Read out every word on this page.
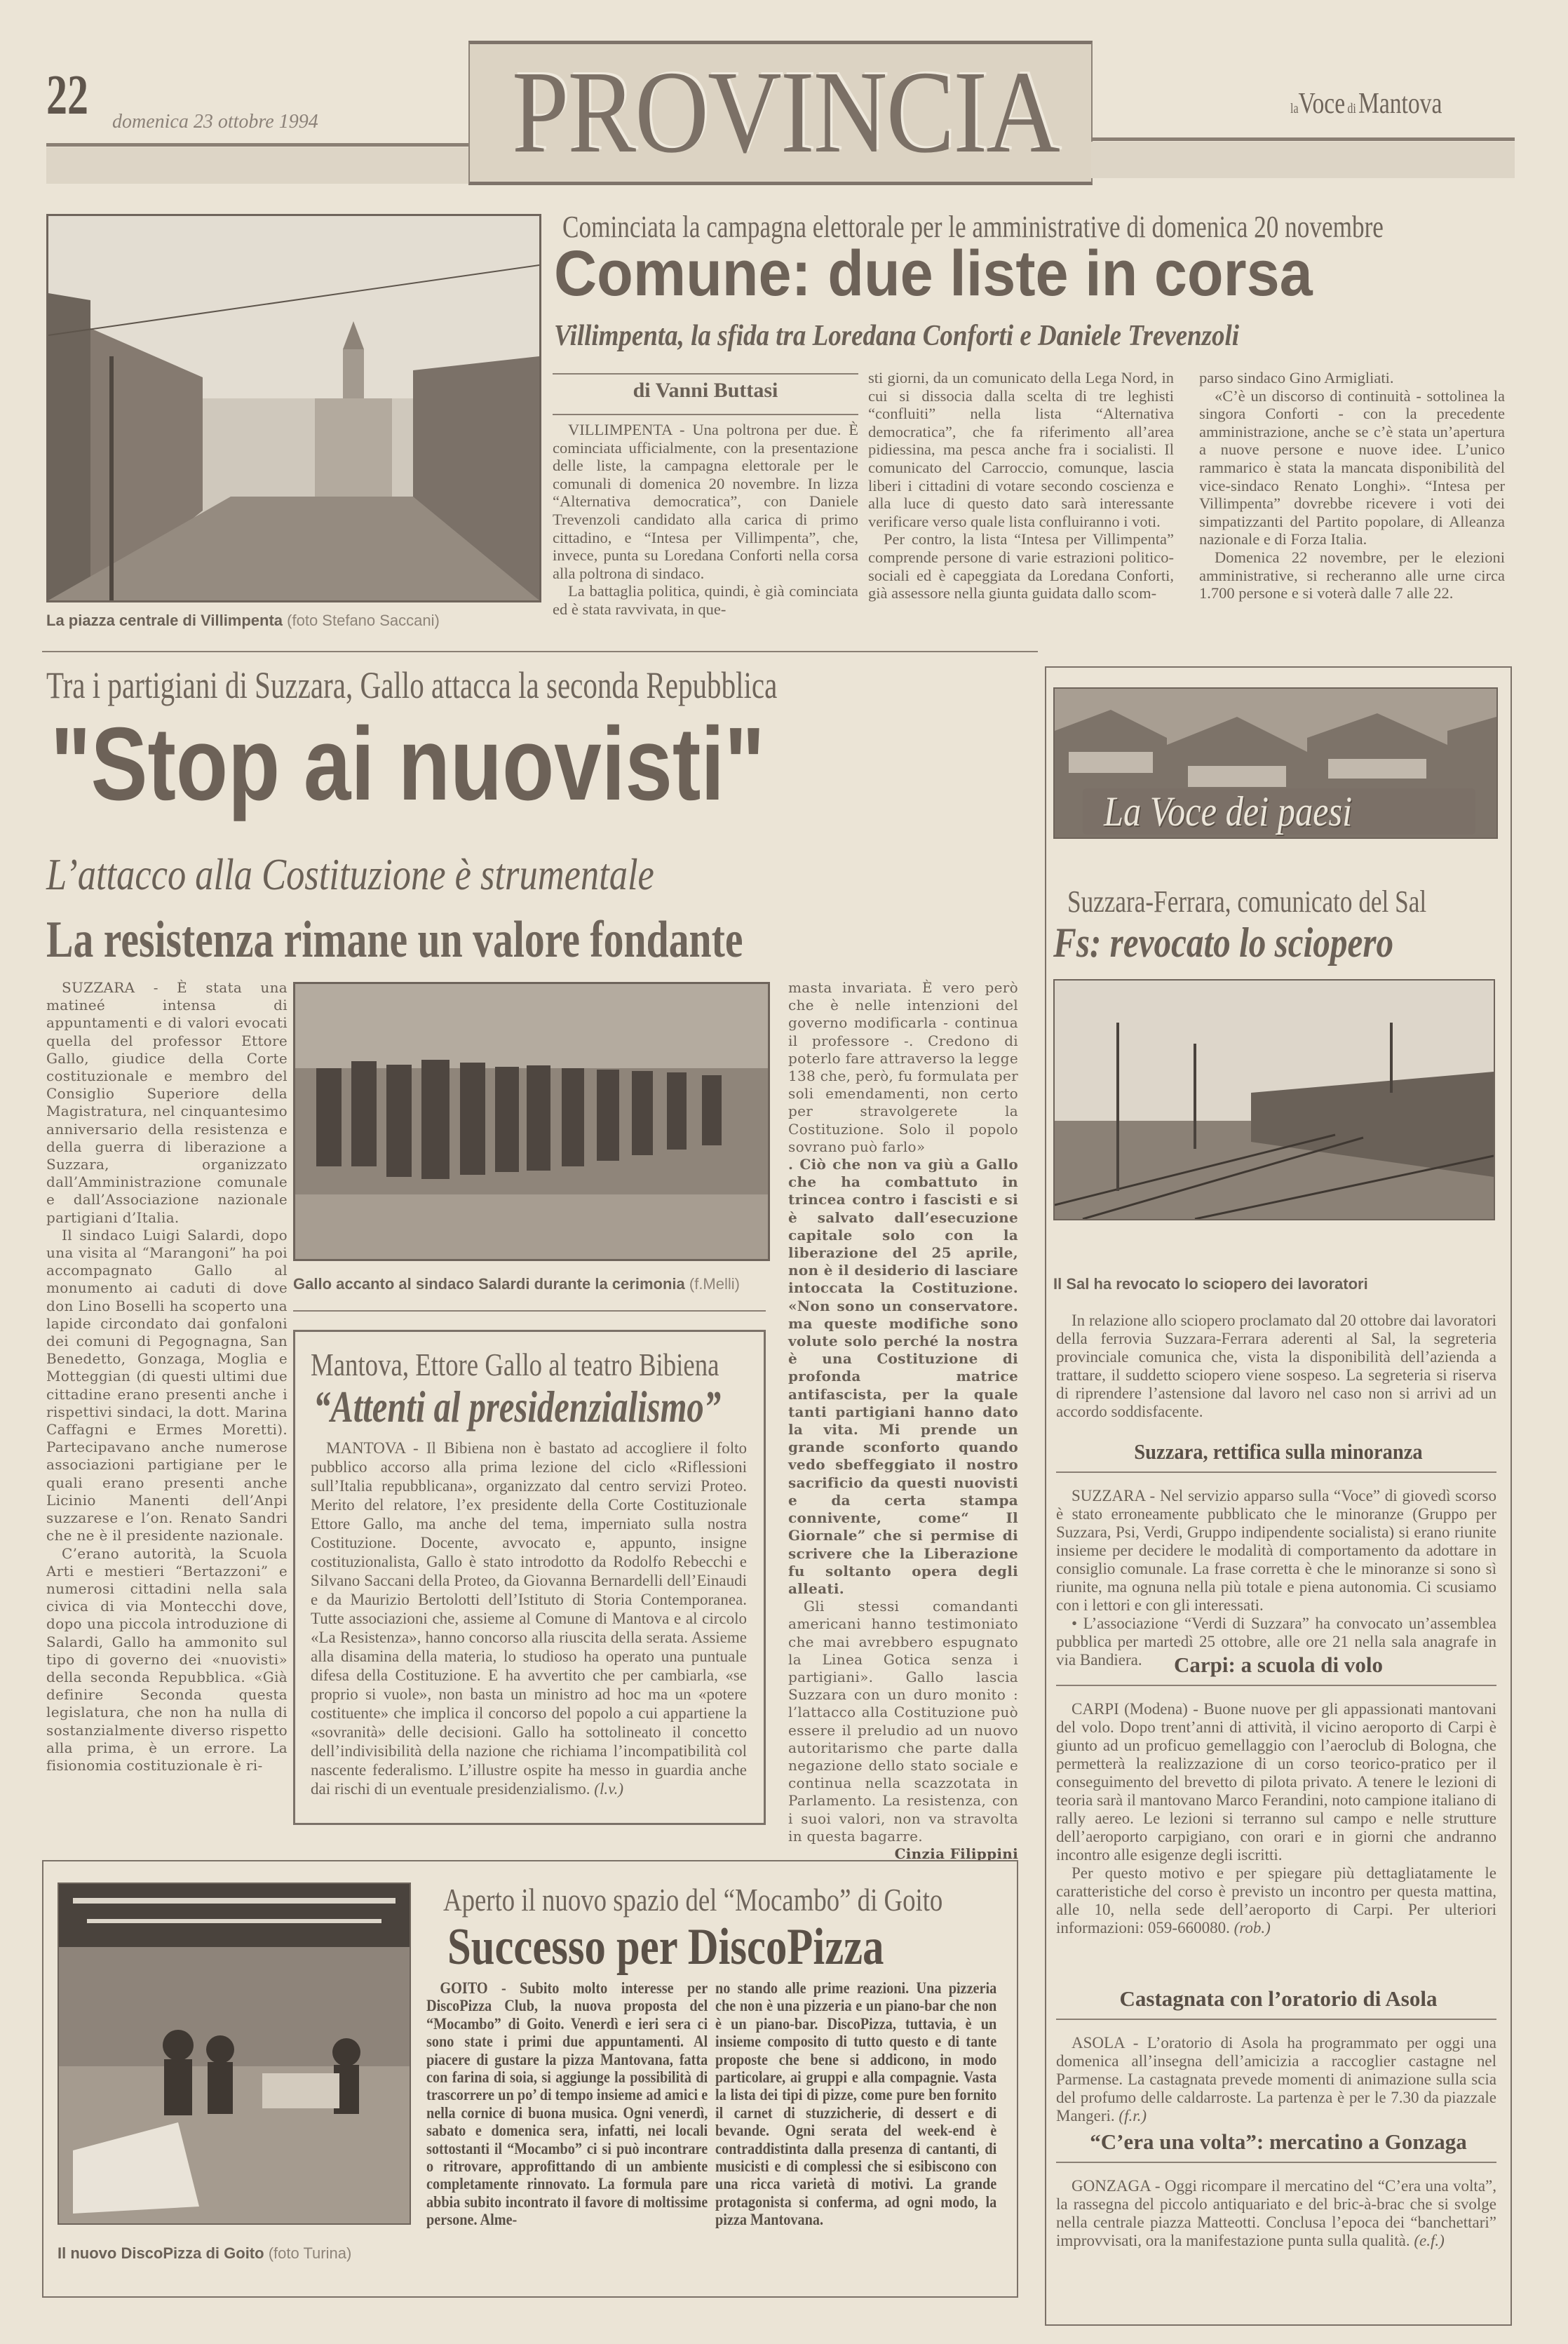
22 domenica 23 ottobre 1994 PROVINCIA	laVoce di Mantova
La piazza centrale di Villimpenta (foto Stefano Saccani)
Cominciata la campagna elettorale per le amministrative di domenica 20 novembre
Comune: due liste in corsa
Villimpenta, la sfida tra Loredana Conforti e Daniele Trevenzoli
di Vanni Buttasi

VILLIMPENTA - Una poltrona per due. È cominciata ufficialmente, con la presentazione delle liste, la campagna elettorale per le comunali di domenica 20 novembre. In lizza “Alternativa democratica”, con Daniele Trevenzoli candidato alla carica di primo cittadino, e “Intesa per Villimpenta”, che, invece, punta su Loredana Conforti nella corsa alla poltrona di sindaco.

La battaglia politica, quindi, è già cominciata ed è stata ravvivata, in que-

sti giorni, da un comunicato della Lega Nord, in cui si dissocia dalla scelta di tre leghisti “confluiti” nella lista “Alternativa democratica”, che fa riferimento all’area pidiessina, ma pesca anche fra i socialisti. Il comunicato del Carroccio, comunque, lascia liberi i cittadini di votare secondo coscienza e alla luce di questo dato sarà interessante verificare verso quale lista confluiranno i voti.

Per contro, la lista “Intesa per Villimpenta” comprende persone di varie estrazioni politico-sociali ed è capeggiata da Loredana Conforti, già assessore nella giunta guidata dallo scom-

parso sindaco Gino Armigliati.

«C’è un discorso di continuità - sottolinea la singora Conforti - con la precedente amministrazione, anche se c’è stata un’apertura a nuove persone e nuove idee. L’unico rammarico è stata la mancata disponibilità del vice-sindaco Renato Longhi». “Intesa per Villimpenta” dovrebbe ricevere i voti dei simpatizzanti del Partito popolare, di Alleanza nazionale e di Forza Italia.

Domenica 22 novembre, per le elezioni amministrative, si recheranno alle urne circa 1.700 persone e si voterà dalle 7 alle 22.

Tra i partigiani di Suzzara, Gallo attacca la seconda Repubblica
"Stop ai nuovisti"
L’attacco alla Costituzione è strumentale
La resistenza rimane un valore fondante

SUZZARA - È stata una matineé intensa di appuntamenti e di valori evocati quella del professor Ettore Gallo, giudice della Corte costituzionale e membro del Consiglio Superiore della Magistratura, nel cinquantesimo anniversario della resistenza e della guerra di liberazione a Suzzara, organizzato dall’Amministrazione comunale e dall’Associazione nazionale partigiani d’Italia.

Il sindaco Luigi Salardi, dopo una visita al “Marangoni” ha poi accompagnato Gallo al monumento ai caduti di dove don Lino Boselli ha scoperto una lapide circondato dai gonfaloni dei comuni di Pegognagna, San Benedetto, Gonzaga, Moglia e Motteggian (di questi ultimi due cittadine erano presenti anche i rispettivi sindaci, la dott. Marina Caffagni e Ermes Moretti). Partecipavano anche numerose associazioni partigiane per le quali erano presenti anche Licinio Manenti dell’Anpi suzzarese e l’on. Renato Sandri che ne è il presidente nazionale.

C’erano autorità, la Scuola Arti e mestieri “Bertazzoni” e numerosi cittadini nella sala civica di via Montecchi dove, dopo una piccola introduzione di Salardi, Gallo ha ammonito sul tipo di governo dei «nuovisti» della seconda Repubblica. «Già definire Seconda questa legislatura, che non ha nulla di sostanzialmente diverso rispetto alla prima, è un errore. La fisionomia costituzionale è ri-

Gallo accanto al sindaco Salardi durante la cerimonia (f.Melli)

masta invariata. È vero però che è nelle intenzioni del governo modificarla - continua il professore -. Credono di poterlo fare attraverso la legge 138 che, però, fu formulata per soli emendamenti, non certo per stravolgerete la Costituzione. Solo il popolo sovrano può farlo»

. Ciò che non va giù a Gallo che ha combattuto in trincea contro i fascisti e si è salvato dall’esecuzione capitale solo con la liberazione del 25 aprile, non è il desiderio di lasciare intoccata la Costituzione. «Non sono un conservatore. ma queste modifiche sono volute solo perché la nostra è una Costituzione di profonda matrice antifascista, per la quale tanti partigiani hanno dato la vita. Mi prende un grande sconforto quando vedo sbeffeggiato il nostro sacrificio da questi nuovisti e da certa stampa connivente, come“ Il Giornale” che si permise di scrivere che la Liberazione fu soltanto opera degli alleati.

Gli stessi comandanti americani hanno testimoniato che mai avrebbero espugnato la Linea Gotica senza i partigiani». Gallo lascia Suzzara con un duro monito : l’lattacco alla Costituzione può essere il preludio ad un nuovo autoritarismo che parte dalla negazione dello stato sociale e continua nella scazzotata in Parlamento. La resistenza, con i suoi valori, non va stravolta in questa bagarre.

Cinzia Filippini
Mantova, Ettore Gallo al teatro Bibiena
“Attenti al presidenzialismo”

MANTOVA - Il Bibiena non è bastato ad accogliere il folto pubblico accorso alla prima lezione del ciclo «Riflessioni sull’Italia repubblicana», organizzato dal centro servizi Proteo. Merito del relatore, l’ex presidente della Corte Costituzionale Ettore Gallo, ma anche del tema, imperniato sulla nostra Costituzione. Docente, avvocato e, appunto, insigne costituzionalista, Gallo è stato introdotto da Rodolfo Rebecchi e Silvano Saccani della Proteo, da Giovanna Bernardelli dell’Einaudi e da Maurizio Bertolotti dell’Istituto di Storia Contemporanea. Tutte associazioni che, assieme al Comune di Mantova e al circolo «La Resistenza», hanno concorso alla riuscita della serata. Assieme alla disamina della materia, lo studioso ha operato una puntuale difesa della Costituzione. E ha avvertito che per cambiarla, «se proprio si vuole», non basta un ministro ad hoc ma un «potere costituente» che implica il concorso del popolo a cui appartiene la «sovranità» delle decisioni. Gallo ha sottolineato il concetto dell’indivisibilità della nazione che richiama l’incompatibilità col nascente federalismo. L’illustre ospite ha messo in guardia anche dai rischi di un eventuale presidenzialismo. (l.v.)

La Voce dei paesi
Suzzara-Ferrara, comunicato del Sal
Fs: revocato lo sciopero
Il Sal ha revocato lo sciopero dei lavoratori

In relazione allo sciopero proclamato dal 20 ottobre dai lavoratori della ferrovia Suzzara-Ferrara aderenti al Sal, la segreteria provinciale comunica che, vista la disponibilità dell’azienda a trattare, il suddetto sciopero viene sospeso. La segreteria si riserva di riprendere l’astensione dal lavoro nel caso non si arrivi ad un accordo soddisfacente.

Suzzara, rettifica sulla minoranza

SUZZARA - Nel servizio apparso sulla “Voce” di giovedì scorso è stato erroneamente pubblicato che le minoranze (Gruppo per Suzzara, Psi, Verdi, Gruppo indipendente socialista) si erano riunite insieme per decidere le modalità di comportamento da adottare in consiglio comunale. La frase corretta è che le minoranze si sono sì riunite, ma ognuna nella più totale e piena autonomia. Ci scusiamo con i lettori e con gli interessati.

• L’associazione “Verdi di Suzzara” ha convocato un’assemblea pubblica per martedì 25 ottobre, alle ore 21 nella sala anagrafe in via Bandiera.	Carpi: a scuola di volo

CARPI (Modena) - Buone nuove per gli appassionati mantovani del volo. Dopo trent’anni di attività, il vicino aeroporto di Carpi è giunto ad un proficuo gemellaggio con l’aeroclub di Bologna, che permetterà la realizzazione di un corso teorico-pratico per il conseguimento del brevetto di pilota privato. A tenere le lezioni di teoria sarà il mantovano Marco Ferandini, noto campione italiano di rally aereo. Le lezioni si terranno sul campo e nelle strutture dell’aeroporto carpigiano, con orari e in giorni che andranno incontro alle esigenze degli iscritti.

Per questo motivo e per spiegare più dettagliatamente le caratteristiche del corso è previsto un incontro per questa mattina, alle 10, nella sede dell’aeroporto di Carpi. Per ulteriori informazioni: 059-660080. (rob.)

Castagnata con l’oratorio di Asola

ASOLA - L’oratorio di Asola ha programmato per oggi una domenica all’insegna dell’amicizia a raccoglier castagne nel Parmense. La castagnata prevede momenti di animazione sulla scia del profumo delle caldarroste. La partenza è per le 7.30 da piazzale Mangeri. (f.r.)

“C’era una volta”: mercatino a Gonzaga

GONZAGA - Oggi ricompare il mercatino del “C’era una volta”, la rassegna del piccolo antiquariato e del bric-à-brac che si svolge nella centrale piazza Matteotti. Conclusa l’epoca dei “banchettari” improvvisati, ora la manifestazione punta sulla qualità. (e.f.)

Il nuovo DiscoPizza di Goito (foto Turina)
Aperto il nuovo spazio del “Mocambo” di Goito
Successo per DiscoPizza

GOITO - Subito molto interesse per DiscoPizza Club, la nuova proposta del “Mocambo” di Goito. Venerdì e ieri sera ci sono state i primi due appuntamenti. Al piacere di gustare la pizza Mantovana, fatta con farina di soia, si aggiunge la possibilità di trascorrere un po’ di tempo insieme ad amici e nella cornice di buona musica. Ogni venerdì, sabato e domenica sera, infatti, nei locali sottostanti il “Mocambo” ci si può incontrare o ritrovare, approfittando di un ambiente completamente rinnovato. La formula pare abbia subito incontrato il favore di moltissime persone. Alme-

no stando alle prime reazioni. Una pizzeria che non è una pizzeria e un piano-bar che non è un piano-bar. DiscoPizza, tuttavia, è un insieme composito di tutto questo e di tante proposte che bene si addicono, in modo particolare, ai gruppi e alla compagnie. Vasta la lista dei tipi di pizze, come pure ben fornito il carnet di stuzzicherie, di dessert e di bevande. Ogni serata del week-end è contraddistinta dalla presenza di cantanti, di musicisti e di complessi che si esibiscono con una ricca varietà di motivi. La grande protagonista si conferma, ad ogni modo, la pizza Mantovana.
